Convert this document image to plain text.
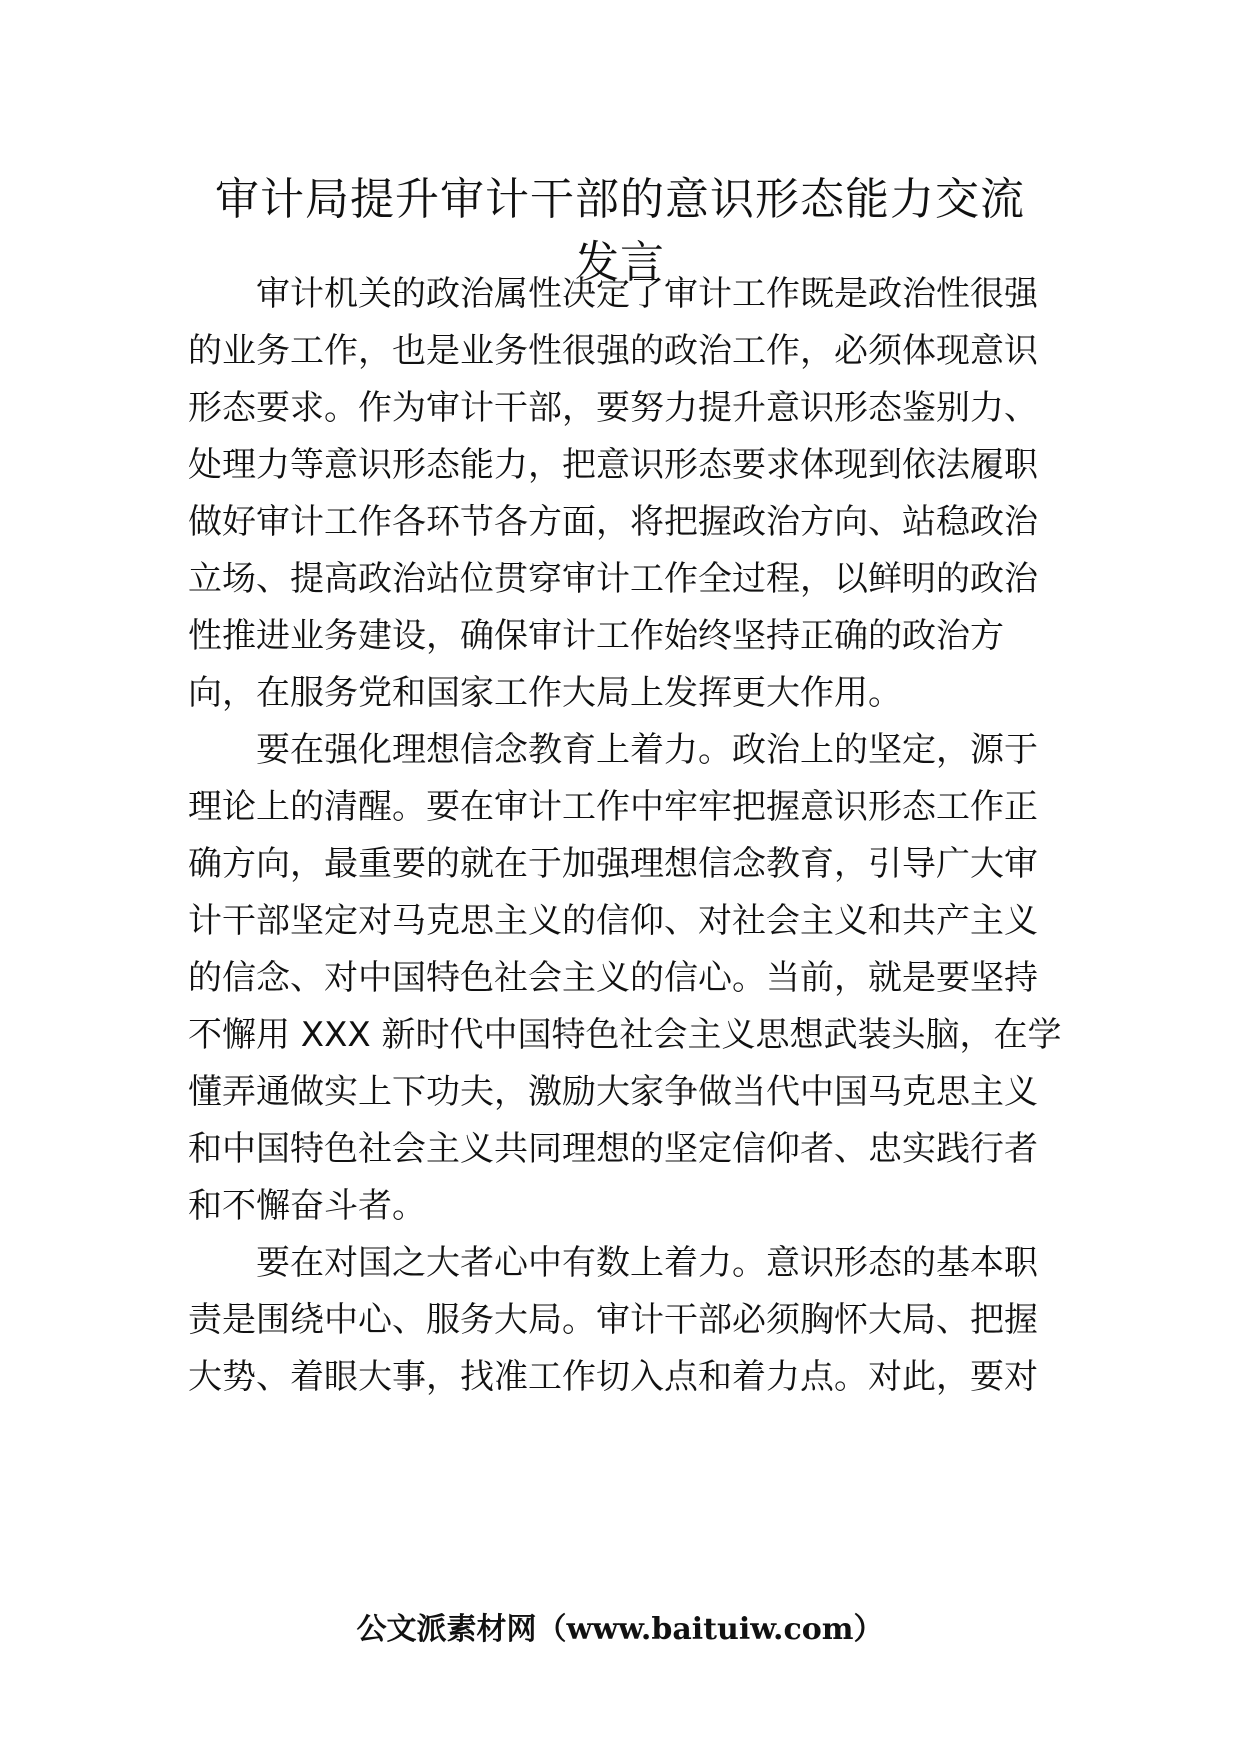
审计局提升审计干部的意识形态能力交流
发言

　　审计机关的政治属性决定了审计工作既是政治性很强

的业务工作，也是业务性很强的政治工作，必须体现意识

形态要求。作为审计干部，要努力提升意识形态鉴别力、

处理力等意识形态能力，把意识形态要求体现到依法履职

做好审计工作各环节各方面，将把握政治方向、站稳政治

立场、提高政治站位贯穿审计工作全过程，以鲜明的政治

性推进业务建设，确保审计工作始终坚持正确的政治方

向，在服务党和国家工作大局上发挥更大作用。

　　要在强化理想信念教育上着力。政治上的坚定，源于

理论上的清醒。要在审计工作中牢牢把握意识形态工作正

确方向，最重要的就在于加强理想信念教育，引导广大审

计干部坚定对马克思主义的信仰、对社会主义和共产主义

的信念、对中国特色社会主义的信心。当前，就是要坚持

不懈用 XXX 新时代中国特色社会主义思想武装头脑，在学

懂弄通做实上下功夫，激励大家争做当代中国马克思主义

和中国特色社会主义共同理想的坚定信仰者、忠实践行者

和不懈奋斗者。

　　要在对国之大者心中有数上着力。意识形态的基本职

责是围绕中心、服务大局。审计干部必须胸怀大局、把握

大势、着眼大事，找准工作切入点和着力点。对此，要对

公文派素材网（www.baituiw.com）
